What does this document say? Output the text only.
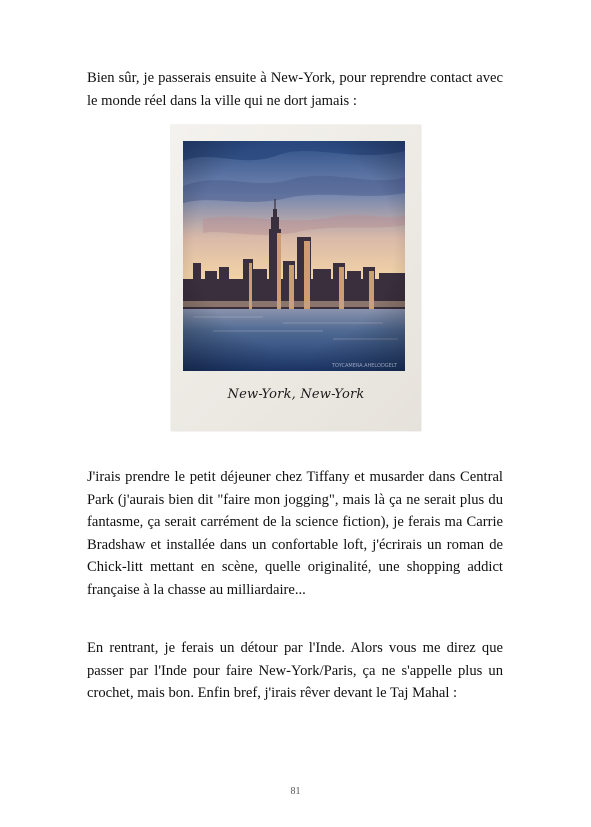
Bien sûr, je passerais ensuite à New-York, pour reprendre contact avec le monde réel dans la ville qui ne dort jamais :

TOYCAMERA.AHELODGELT
New-York, New-York

J'irais prendre le petit déjeuner chez Tiffany et musarder dans Central Park (j'aurais bien dit "faire mon jogging", mais là ça ne serait plus du fantasme, ça serait carrément de la science fiction), je ferais ma Carrie Bradshaw et installée dans un confortable loft, j'écrirais un roman de Chick-litt mettant en scène, quelle originalité, une shopping addict française à la chasse au milliardaire...

En rentrant, je ferais un détour par l'Inde. Alors vous me direz que passer par l'Inde pour faire New-York/Paris, ça ne s'appelle plus un crochet, mais bon. Enfin bref, j'irais rêver devant le Taj Mahal :

81
